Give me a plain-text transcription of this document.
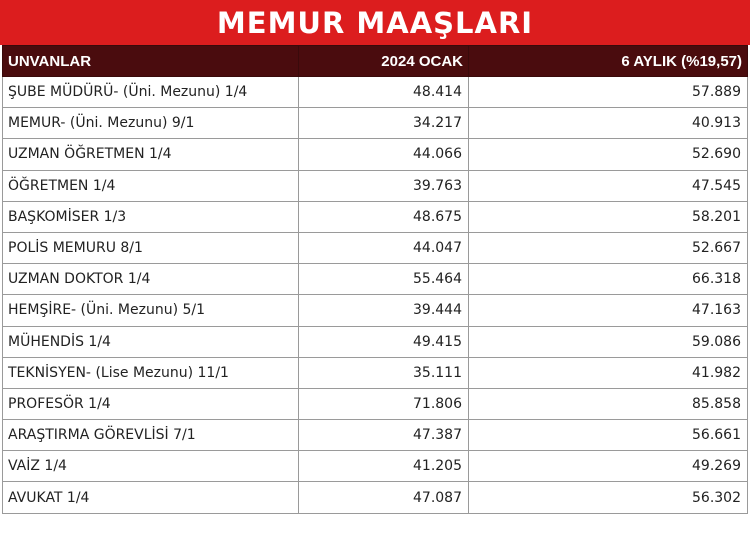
MEMUR MAAŞLARI
UNVANLAR	2024 OCAK	6 AYLIK (%19,57)
ŞUBE MÜDÜRÜ- (Üni. Mezunu) 1/4	48.414	57.889
MEMUR- (Üni. Mezunu) 9/1	34.217	40.913
UZMAN ÖĞRETMEN 1/4	44.066	52.690
ÖĞRETMEN 1/4	39.763	47.545
BAŞKOMİSER 1/3	48.675	58.201
POLİS MEMURU 8/1	44.047	52.667
UZMAN DOKTOR 1/4	55.464	66.318
HEMŞİRE- (Üni. Mezunu) 5/1	39.444	47.163
MÜHENDİS 1/4	49.415	59.086
TEKNİSYEN- (Lise Mezunu) 11/1	35.111	41.982
PROFESÖR 1/4	71.806	85.858
ARAŞTIRMA GÖREVLİSİ 7/1	47.387	56.661
VAİZ 1/4	41.205	49.269
AVUKAT 1/4	47.087	56.302
